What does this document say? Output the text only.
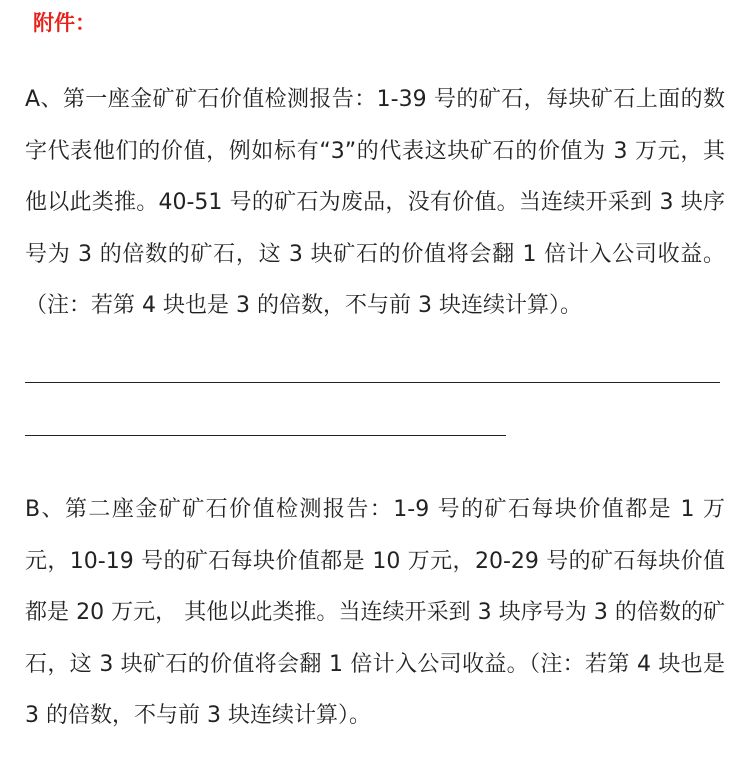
附件：

A、第一座金矿矿石价值检测报告：1-39 号的矿石，每块矿石上面的数字代表他们的价值，例如标有“3”的代表这块矿石的价值为 3 万元，其他以此类推。40-51 号的矿石为废品，没有价值。当连续开采到 3 块序号为 3 的倍数的矿石，这 3 块矿石的价值将会翻 1 倍计入公司收益。（注：若第 4 块也是 3 的倍数，不与前 3 块连续计算）。

B、第二座金矿矿石价值检测报告：1-9 号的矿石每块价值都是 1 万元，10-19 号的矿石每块价值都是 10 万元，20-29 号的矿石每块价值都是 20 万元， 其他以此类推。当连续开采到 3 块序号为 3 的倍数的矿石，这 3 块矿石的价值将会翻 1 倍计入公司收益。（注：若第 4 块也是 3 的倍数，不与前 3 块连续计算）。
